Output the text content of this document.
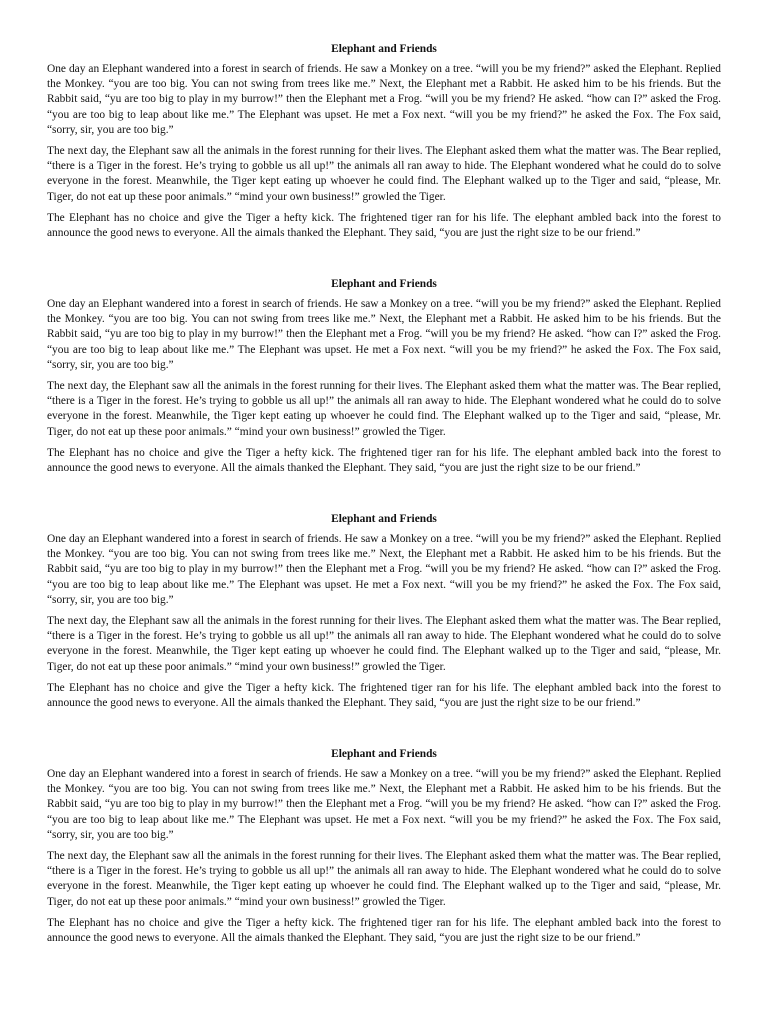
Elephant and Friends

One day an Elephant wandered into a forest in search of friends. He saw a Monkey on a tree. “will you be my friend?” asked the Elephant. Replied the Monkey. “you are too big. You can not swing from trees like me.” Next, the Elephant met a Rabbit. He asked him to be his friends. But the Rabbit said, “yu are too big to play in my burrow!” then the Elephant met a Frog. “will you be my friend? He asked. “how can I?” asked the Frog. “you are too big to leap about like me.” The Elephant was upset. He met a Fox next. “will you be my friend?” he asked the Fox. The Fox said, “sorry, sir, you are too big.”

The next day, the Elephant saw all the animals in the forest running for their lives. The Elephant asked them what the matter was. The Bear replied, “there is a Tiger in the forest. He’s trying to gobble us all up!” the animals all ran away to hide. The Elephant wondered what he could do to solve everyone in the forest. Meanwhile, the Tiger kept eating up whoever he could find. The Elephant walked up to the Tiger and said, “please, Mr. Tiger, do not eat up these poor animals.” “mind your own business!” growled the Tiger.

The Elephant has no choice and give the Tiger a hefty kick. The frightened tiger ran for his life. The elephant ambled back into the forest to announce the good news to everyone. All the aimals thanked the Elephant. They said, “you are just the right size to be our friend.”

Elephant and Friends

One day an Elephant wandered into a forest in search of friends. He saw a Monkey on a tree. “will you be my friend?” asked the Elephant. Replied the Monkey. “you are too big. You can not swing from trees like me.” Next, the Elephant met a Rabbit. He asked him to be his friends. But the Rabbit said, “yu are too big to play in my burrow!” then the Elephant met a Frog. “will you be my friend? He asked. “how can I?” asked the Frog. “you are too big to leap about like me.” The Elephant was upset. He met a Fox next. “will you be my friend?” he asked the Fox. The Fox said, “sorry, sir, you are too big.”

The next day, the Elephant saw all the animals in the forest running for their lives. The Elephant asked them what the matter was. The Bear replied, “there is a Tiger in the forest. He’s trying to gobble us all up!” the animals all ran away to hide. The Elephant wondered what he could do to solve everyone in the forest. Meanwhile, the Tiger kept eating up whoever he could find. The Elephant walked up to the Tiger and said, “please, Mr. Tiger, do not eat up these poor animals.” “mind your own business!” growled the Tiger.

The Elephant has no choice and give the Tiger a hefty kick. The frightened tiger ran for his life. The elephant ambled back into the forest to announce the good news to everyone. All the aimals thanked the Elephant. They said, “you are just the right size to be our friend.”

Elephant and Friends

One day an Elephant wandered into a forest in search of friends. He saw a Monkey on a tree. “will you be my friend?” asked the Elephant. Replied the Monkey. “you are too big. You can not swing from trees like me.” Next, the Elephant met a Rabbit. He asked him to be his friends. But the Rabbit said, “yu are too big to play in my burrow!” then the Elephant met a Frog. “will you be my friend? He asked. “how can I?” asked the Frog. “you are too big to leap about like me.” The Elephant was upset. He met a Fox next. “will you be my friend?” he asked the Fox. The Fox said, “sorry, sir, you are too big.”

The next day, the Elephant saw all the animals in the forest running for their lives. The Elephant asked them what the matter was. The Bear replied, “there is a Tiger in the forest. He’s trying to gobble us all up!” the animals all ran away to hide. The Elephant wondered what he could do to solve everyone in the forest. Meanwhile, the Tiger kept eating up whoever he could find. The Elephant walked up to the Tiger and said, “please, Mr. Tiger, do not eat up these poor animals.” “mind your own business!” growled the Tiger.

The Elephant has no choice and give the Tiger a hefty kick. The frightened tiger ran for his life. The elephant ambled back into the forest to announce the good news to everyone. All the aimals thanked the Elephant. They said, “you are just the right size to be our friend.”

Elephant and Friends

One day an Elephant wandered into a forest in search of friends. He saw a Monkey on a tree. “will you be my friend?” asked the Elephant. Replied the Monkey. “you are too big. You can not swing from trees like me.” Next, the Elephant met a Rabbit. He asked him to be his friends. But the Rabbit said, “yu are too big to play in my burrow!” then the Elephant met a Frog. “will you be my friend? He asked. “how can I?” asked the Frog. “you are too big to leap about like me.” The Elephant was upset. He met a Fox next. “will you be my friend?” he asked the Fox. The Fox said, “sorry, sir, you are too big.”

The next day, the Elephant saw all the animals in the forest running for their lives. The Elephant asked them what the matter was. The Bear replied, “there is a Tiger in the forest. He’s trying to gobble us all up!” the animals all ran away to hide. The Elephant wondered what he could do to solve everyone in the forest. Meanwhile, the Tiger kept eating up whoever he could find. The Elephant walked up to the Tiger and said, “please, Mr. Tiger, do not eat up these poor animals.” “mind your own business!” growled the Tiger.

The Elephant has no choice and give the Tiger a hefty kick. The frightened tiger ran for his life. The elephant ambled back into the forest to announce the good news to everyone. All the aimals thanked the Elephant. They said, “you are just the right size to be our friend.”
